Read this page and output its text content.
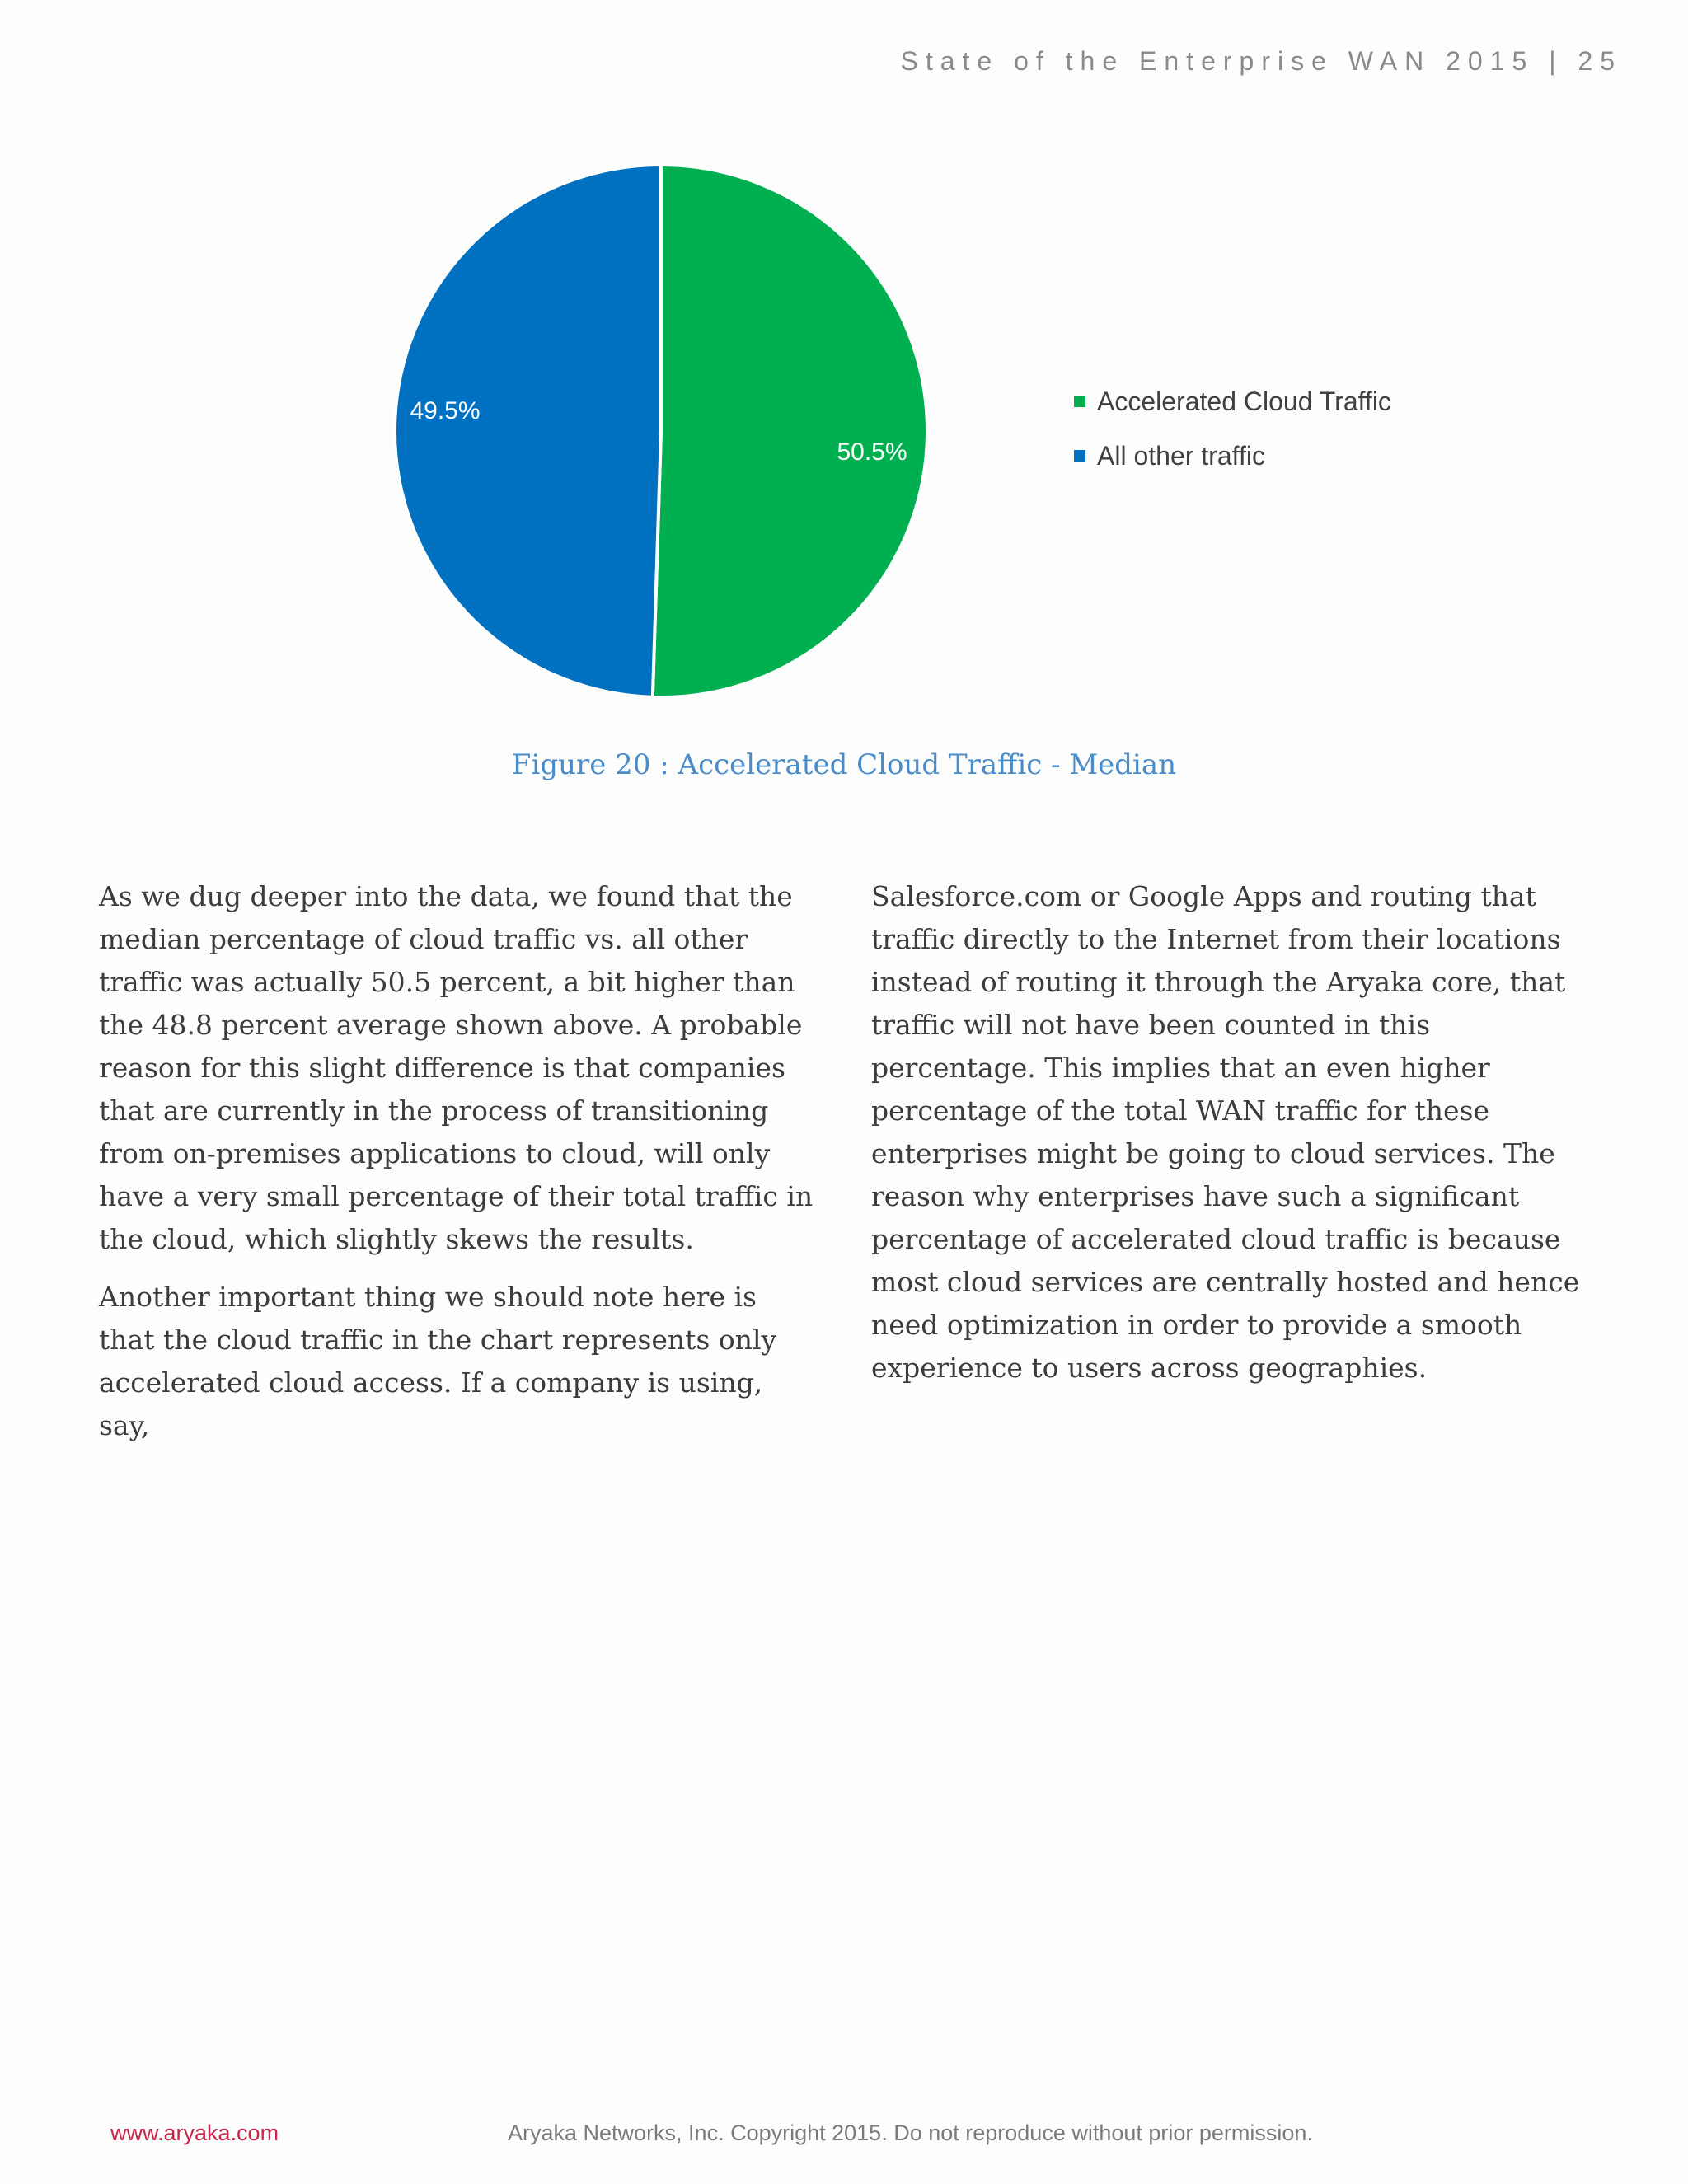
State of the Enterprise WAN 2015 | 25
50.5%
49.5%	Accelerated Cloud Traffic
All other traffic
Figure 20 : Accelerated Cloud Traffic - Median

As we dug deeper into the data, we found that the median percentage of cloud traffic vs. all other traffic was actually 50.5 percent, a bit higher than the 48.8 percent average shown above. A probable reason for this slight difference is that companies that are currently in the process of transitioning from on-premises applications to cloud, will only have a very small percentage of their total traffic in the cloud, which slightly skews the results.

Another important thing we should note here is that the cloud traffic in the chart represents only accelerated cloud access. If a company is using, say,

Salesforce.com or Google Apps and routing that traffic directly to the Internet from their locations instead of routing it through the Aryaka core, that traffic will not have been counted in this percentage. This implies that an even higher percentage of the total WAN traffic for these enterprises might be going to cloud services. The reason why enterprises have such a significant percentage of accelerated cloud traffic is because most cloud services are centrally hosted and hence need optimization in order to provide a smooth experience to users across geographies.

www.aryaka.com	Aryaka Networks, Inc. Copyright 2015. Do not reproduce without prior permission.
